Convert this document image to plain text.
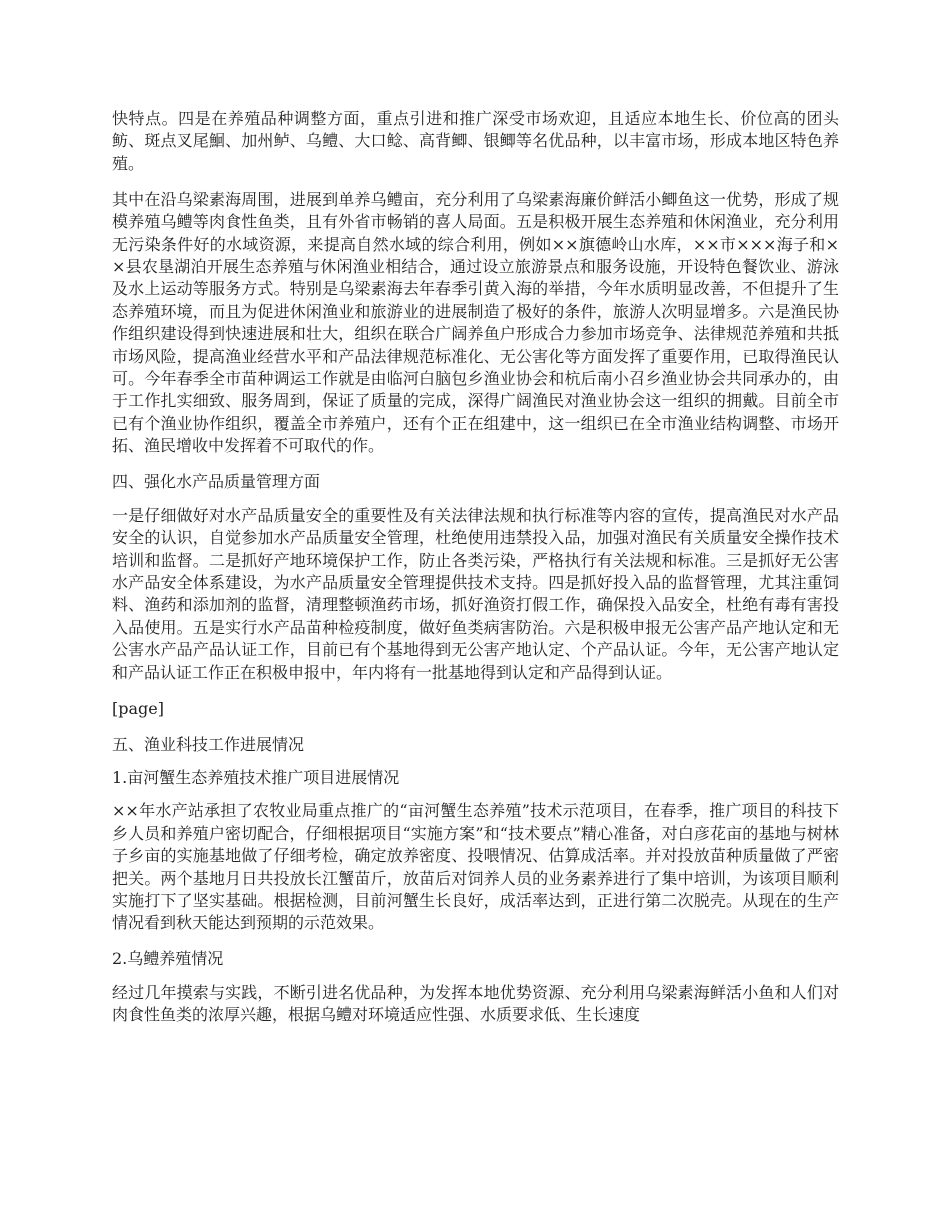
快特点。四是在养殖品种调整方面，重点引进和推广深受市场欢迎，且适应本地生长、价位高的团头鲂、斑点叉尾鮰、加州鲈、乌鳢、大口鲶、高背鲫、银鲫等名优品种，以丰富市场，形成本地区特色养殖。

其中在沿乌梁素海周围，进展到单养乌鳢亩，充分利用了乌梁素海廉价鲜活小鲫鱼这一优势，形成了规模养殖乌鳢等肉食性鱼类，且有外省市畅销的喜人局面。五是积极开展生态养殖和休闲渔业，充分利用无污染条件好的水域资源，来提高自然水域的综合利用，例如××旗德岭山水库，××市×××海子和××县农垦湖泊开展生态养殖与休闲渔业相结合，通过设立旅游景点和服务设施，开设特色餐饮业、游泳及水上运动等服务方式。特别是乌梁素海去年春季引黄入海的举措，今年水质明显改善，不但提升了生态养殖环境，而且为促进休闲渔业和旅游业的进展制造了极好的条件，旅游人次明显增多。六是渔民协作组织建设得到快速进展和壮大，组织在联合广阔养鱼户形成合力参加市场竞争、法律规范养殖和共抵市场风险，提高渔业经营水平和产品法律规范标准化、无公害化等方面发挥了重要作用，已取得渔民认可。今年春季全市苗种调运工作就是由临河白脑包乡渔业协会和杭后南小召乡渔业协会共同承办的，由于工作扎实细致、服务周到，保证了质量的完成，深得广阔渔民对渔业协会这一组织的拥戴。目前全市已有个渔业协作组织，覆盖全市养殖户，还有个正在组建中，这一组织已在全市渔业结构调整、市场开拓、渔民增收中发挥着不可取代的作。

四、强化水产品质量管理方面

一是仔细做好对水产品质量安全的重要性及有关法律法规和执行标准等内容的宣传，提高渔民对水产品安全的认识，自觉参加水产品质量安全管理，杜绝使用违禁投入品，加强对渔民有关质量安全操作技术培训和监督。二是抓好产地环境保护工作，防止各类污染，严格执行有关法规和标准。三是抓好无公害水产品安全体系建设，为水产品质量安全管理提供技术支持。四是抓好投入品的监督管理，尤其注重饲料、渔药和添加剂的监督，清理整顿渔药市场，抓好渔资打假工作，确保投入品安全，杜绝有毒有害投入品使用。五是实行水产品苗种检疫制度，做好鱼类病害防治。六是积极申报无公害产品产地认定和无公害水产品产品认证工作，目前已有个基地得到无公害产地认定、个产品认证。今年，无公害产地认定和产品认证工作正在积极申报中，年内将有一批基地得到认定和产品得到认证。

[page]

五、渔业科技工作进展情况

1.亩河蟹生态养殖技术推广项目进展情况

××年水产站承担了农牧业局重点推广的“亩河蟹生态养殖”技术示范项目，在春季，推广项目的科技下乡人员和养殖户密切配合，仔细根据项目“实施方案”和“技术要点”精心准备，对白彦花亩的基地与树林子乡亩的实施基地做了仔细考检，确定放养密度、投喂情况、估算成活率。并对投放苗种质量做了严密把关。两个基地月日共投放长江蟹苗斤，放苗后对饲养人员的业务素养进行了集中培训，为该项目顺利实施打下了坚实基础。根据检测，目前河蟹生长良好，成活率达到，正进行第二次脱壳。从现在的生产情况看到秋天能达到预期的示范效果。

2.乌鳢养殖情况

经过几年摸索与实践，不断引进名优品种，为发挥本地优势资源、充分利用乌梁素海鲜活小鱼和人们对肉食性鱼类的浓厚兴趣，根据乌鳢对环境适应性强、水质要求低、生长速度
